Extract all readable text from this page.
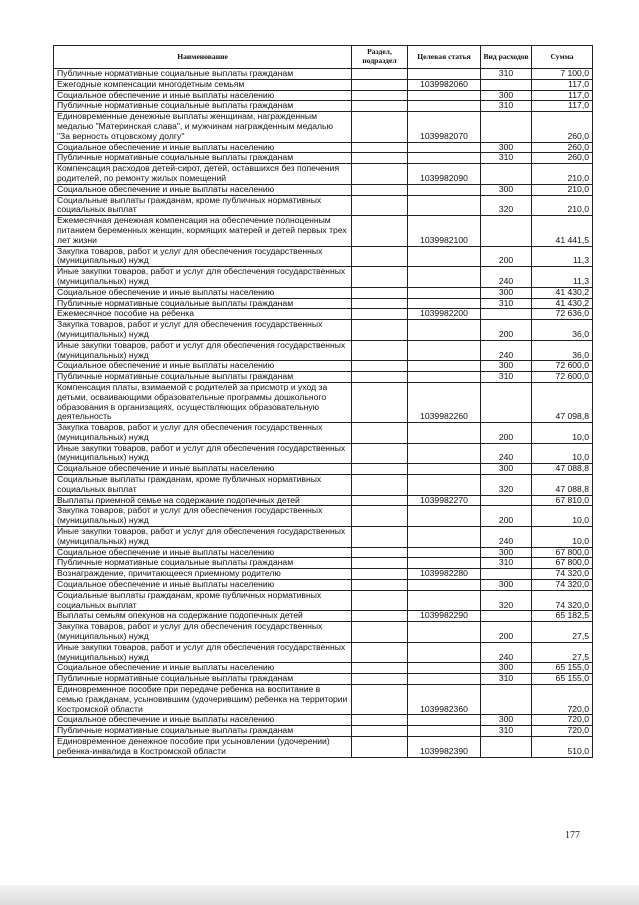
Наименование	Раздел, подраздел	Целевая статья	Вид расходов	Сумма
Публичные нормативные социальные выплаты гражданам			310	7 100,0
Ежегодные компенсации многодетным семьям		1039982060		117,0
Социальное обеспечение и иные выплаты населению			300	117,0
Публичные нормативные социальные выплаты гражданам			310	117,0
Единовременные денежные выплаты женщинам, награжденным медалью "Материнская слава", и мужчинам награжденным медалью "За верность отцовскому долгу"		1039982070		260,0
Социальное обеспечение и иные выплаты населению			300	260,0
Публичные нормативные социальные выплаты гражданам			310	260,0
Компенсация расходов детей-сирот, детей, оставшихся без попечения родителей, по ремонту жилых помещений		1039982090		210,0
Социальное обеспечение и иные выплаты населению			300	210,0
Социальные выплаты гражданам, кроме публичных нормативных социальных выплат			320	210,0
Ежемесячная денежная компенсация на обеспечение полноценным питанием беременных женщин, кормящих матерей и детей первых трех лет жизни		1039982100		41 441,5
Закупка товаров, работ и услуг для обеспечения государственных (муниципальных) нужд			200	11,3
Иные закупки товаров, работ и услуг для обеспечения государственных (муниципальных) нужд			240	11,3
Социальное обеспечение и иные выплаты населению			300	41 430,2
Публичные нормативные социальные выплаты гражданам			310	41 430,2
Ежемесячное пособие на ребенка		1039982200		72 636,0
Закупка товаров, работ и услуг для обеспечения государственных (муниципальных) нужд			200	36,0
Иные закупки товаров, работ и услуг для обеспечения государственных (муниципальных) нужд			240	36,0
Социальное обеспечение и иные выплаты населению			300	72 600,0
Публичные нормативные социальные выплаты гражданам			310	72 600,0
Компенсация платы, взимаемой с родителей за присмотр и уход за детьми, осваивающими образовательные программы дошкольного образования в организациях, осуществляющих образовательную деятельность		1039982260		47 098,8
Закупка товаров, работ и услуг для обеспечения государственных (муниципальных) нужд			200	10,0
Иные закупки товаров, работ и услуг для обеспечения государственных (муниципальных) нужд			240	10,0
Социальное обеспечение и иные выплаты населению			300	47 088,8
Социальные выплаты гражданам, кроме публичных нормативных социальных выплат			320	47 088,8
Выплаты приемной семье на содержание подопечных детей		1039982270		67 810,0
Закупка товаров, работ и услуг для обеспечения государственных (муниципальных) нужд			200	10,0
Иные закупки товаров, работ и услуг для обеспечения государственных (муниципальных) нужд			240	10,0
Социальное обеспечение и иные выплаты населению			300	67 800,0
Публичные нормативные социальные выплаты гражданам			310	67 800,0
Вознаграждение, причитающееся приемному родителю		1039982280		74 320,0
Социальное обеспечение и иные выплаты населению			300	74 320,0
Социальные выплаты гражданам, кроме публичных нормативных социальных выплат			320	74 320,0
Выплаты семьям опекунов на содержание подопечных детей		1039982290		65 182,5
Закупка товаров, работ и услуг для обеспечения государственных (муниципальных) нужд			200	27,5
Иные закупки товаров, работ и услуг для обеспечения государственных (муниципальных) нужд			240	27,5
Социальное обеспечение и иные выплаты населению			300	65 155,0
Публичные нормативные социальные выплаты гражданам			310	65 155,0
Единовременное пособие при передаче ребенка на воспитание в семью гражданам, усыновившим (удочерившим) ребенка на территории Костромской области		1039982360		720,0
Социальное обеспечение и иные выплаты населению			300	720,0
Публичные нормативные социальные выплаты гражданам			310	720,0
Единовременное денежное пособие при усыновлении (удочерении) ребенка-инвалида в Костромской области		1039982390		510,0
177
